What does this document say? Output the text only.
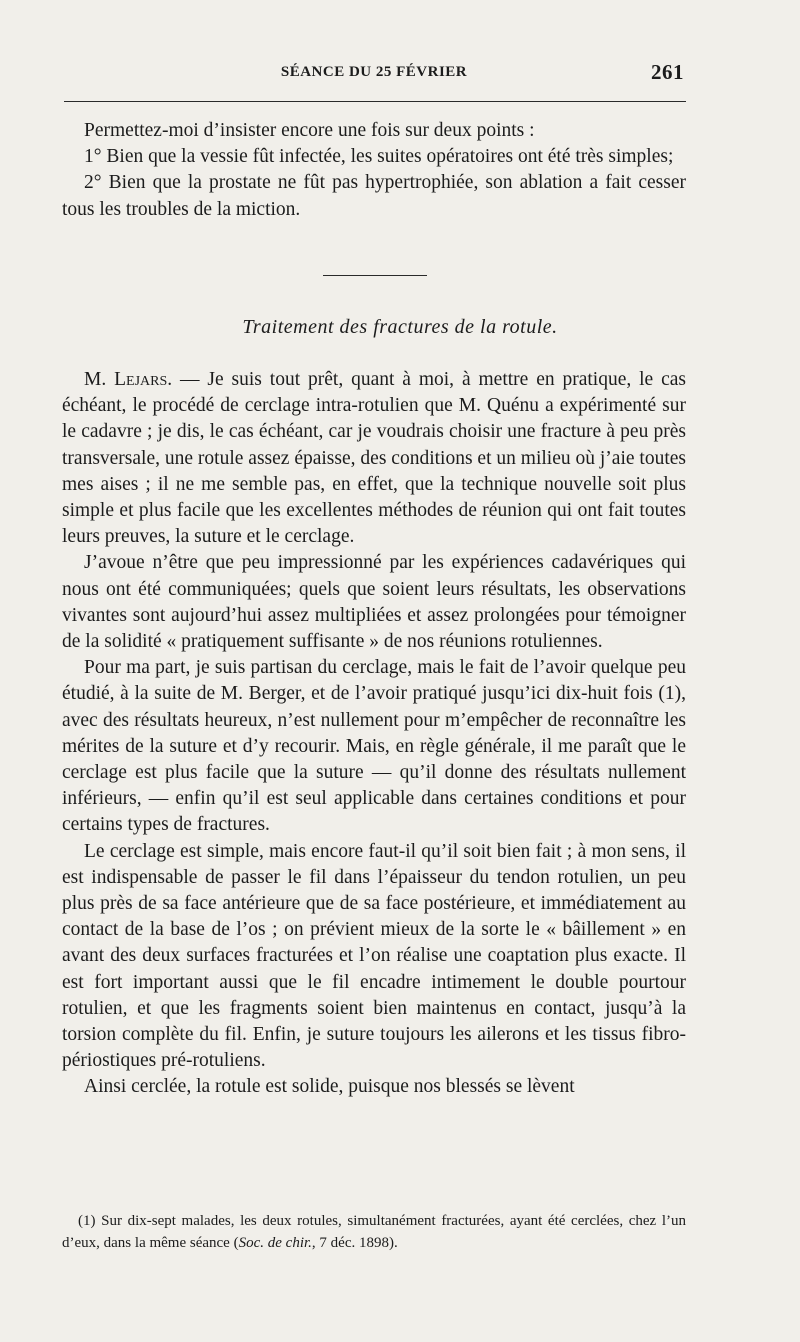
SÉANCE DU 25 FÉVRIER	261

Permettez-moi d’insister encore une fois sur deux points :

1° Bien que la vessie fût infectée, les suites opératoires ont été très simples;

2° Bien que la prostate ne fût pas hypertrophiée, son ablation a fait cesser tous les troubles de la miction.

Traitement des fractures de la rotule.

M. Lejars. — Je suis tout prêt, quant à moi, à mettre en pratique, le cas échéant, le procédé de cerclage intra-rotulien que M. Quénu a expérimenté sur le cadavre ; je dis, le cas échéant, car je voudrais choisir une fracture à peu près transversale, une rotule assez épaisse, des conditions et un milieu où j’aie toutes mes aises ; il ne me semble pas, en effet, que la technique nouvelle soit plus simple et plus facile que les excellentes méthodes de réunion qui ont fait toutes leurs preuves, la suture et le cerclage.

J’avoue n’être que peu impressionné par les expériences cadavériques qui nous ont été communiquées; quels que soient leurs résultats, les observations vivantes sont aujourd’hui assez multipliées et assez prolongées pour témoigner de la solidité « pratiquement suffisante » de nos réunions rotuliennes.

Pour ma part, je suis partisan du cerclage, mais le fait de l’avoir quelque peu étudié, à la suite de M. Berger, et de l’avoir pratiqué jusqu’ici dix-huit fois (1), avec des résultats heureux, n’est nullement pour m’empêcher de reconnaître les mérites de la suture et d’y recourir. Mais, en règle générale, il me paraît que le cerclage est plus facile que la suture — qu’il donne des résultats nullement inférieurs, — enfin qu’il est seul applicable dans certaines conditions et pour certains types de fractures.

Le cerclage est simple, mais encore faut-il qu’il soit bien fait ; à mon sens, il est indispensable de passer le fil dans l’épaisseur du tendon rotulien, un peu plus près de sa face antérieure que de sa face postérieure, et immédiatement au contact de la base de l’os ; on prévient mieux de la sorte le « bâillement » en avant des deux surfaces fracturées et l’on réalise une coaptation plus exacte. Il est fort important aussi que le fil encadre intimement le double pourtour rotulien, et que les fragments soient bien maintenus en contact, jusqu’à la torsion complète du fil. Enfin, je suture toujours les ailerons et les tissus fibro-périostiques pré-rotuliens.

Ainsi cerclée, la rotule est solide, puisque nos blessés se lèvent

(1) Sur dix-sept malades, les deux rotules, simultanément fracturées, ayant été cerclées, chez l’un d’eux, dans la même séance (Soc. de chir., 7 déc. 1898).
